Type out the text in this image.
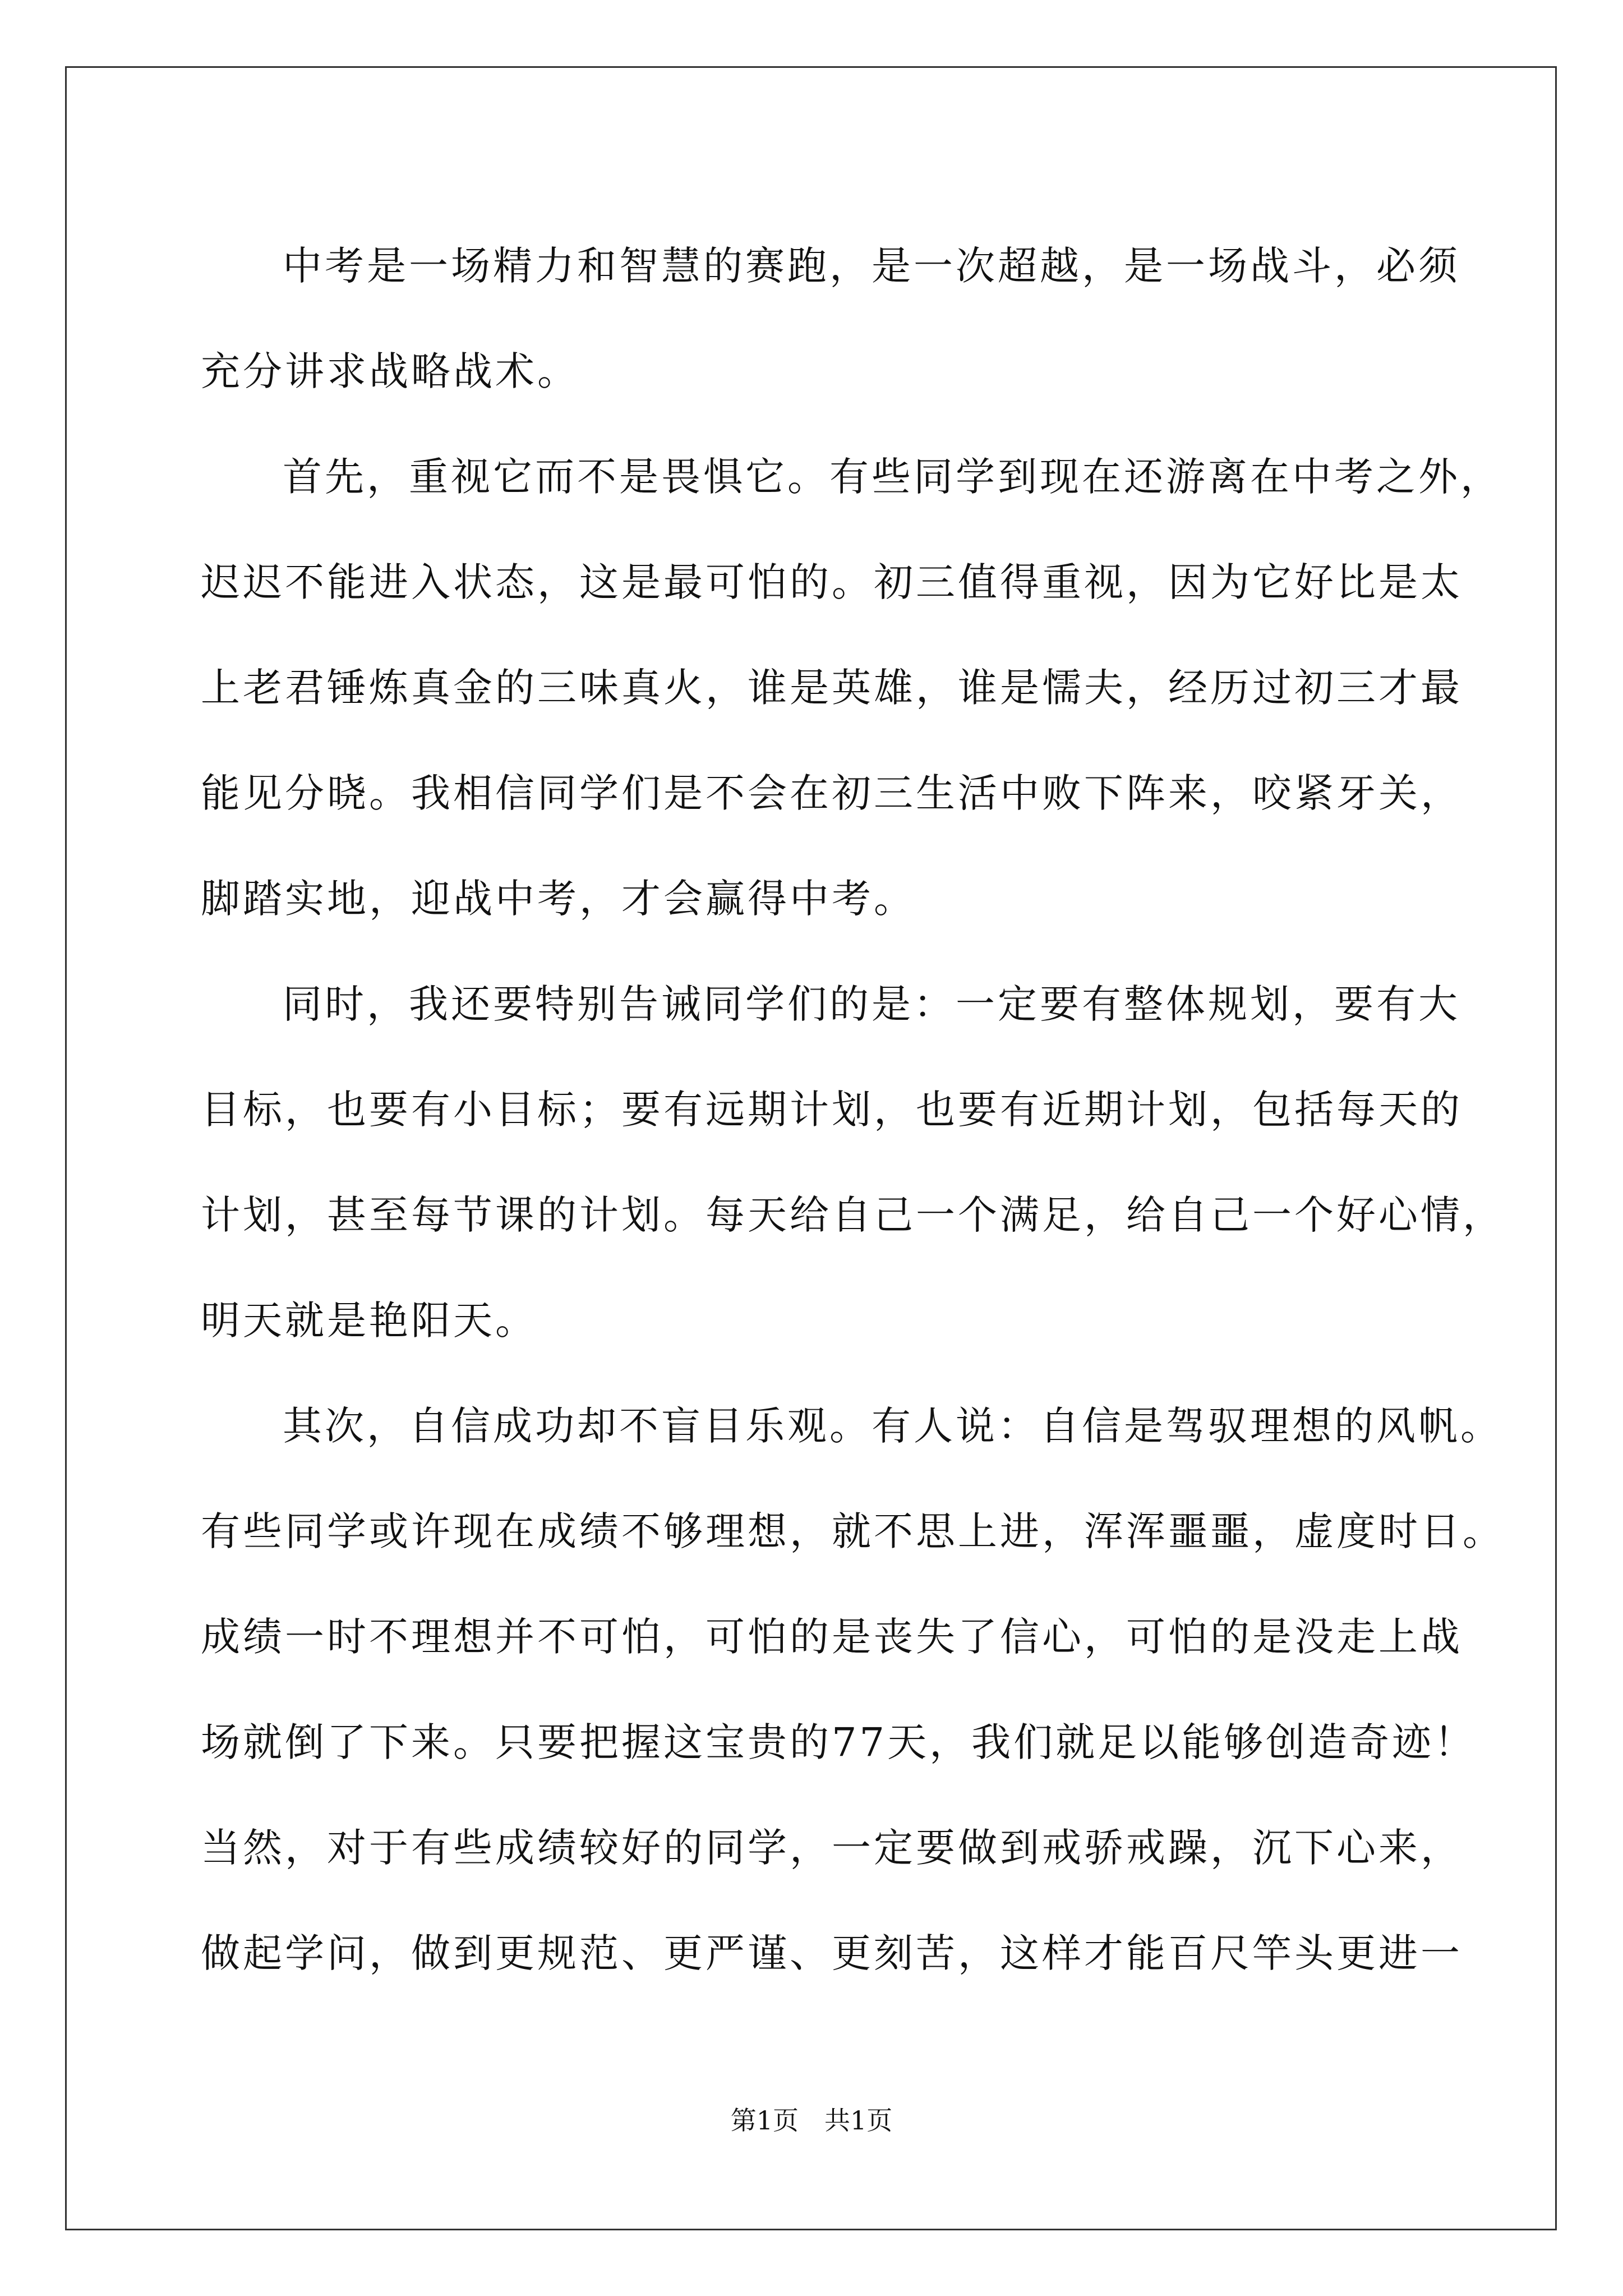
中考是一场精力和智慧的赛跑，是一次超越，是一场战斗，必须
充分讲求战略战术。
首先，重视它而不是畏惧它。有些同学到现在还游离在中考之外，
迟迟不能进入状态，这是最可怕的。初三值得重视，因为它好比是太
上老君锤炼真金的三味真火，谁是英雄，谁是懦夫，经历过初三才最
能见分晓。我相信同学们是不会在初三生活中败下阵来，咬紧牙关，
脚踏实地，迎战中考，才会赢得中考。
同时，我还要特别告诫同学们的是：一定要有整体规划，要有大
目标，也要有小目标；要有远期计划，也要有近期计划，包括每天的
计划，甚至每节课的计划。每天给自己一个满足，给自己一个好心情，
明天就是艳阳天。
其次，自信成功却不盲目乐观。有人说：自信是驾驭理想的风帆。
有些同学或许现在成绩不够理想，就不思上进，浑浑噩噩，虚度时日。
成绩一时不理想并不可怕，可怕的是丧失了信心，可怕的是没走上战
场就倒了下来。只要把握这宝贵的77天，我们就足以能够创造奇迹！
当然，对于有些成绩较好的同学，一定要做到戒骄戒躁，沉下心来，
做起学问，做到更规范、更严谨、更刻苦，这样才能百尺竿头更进一
第1页　共1页
